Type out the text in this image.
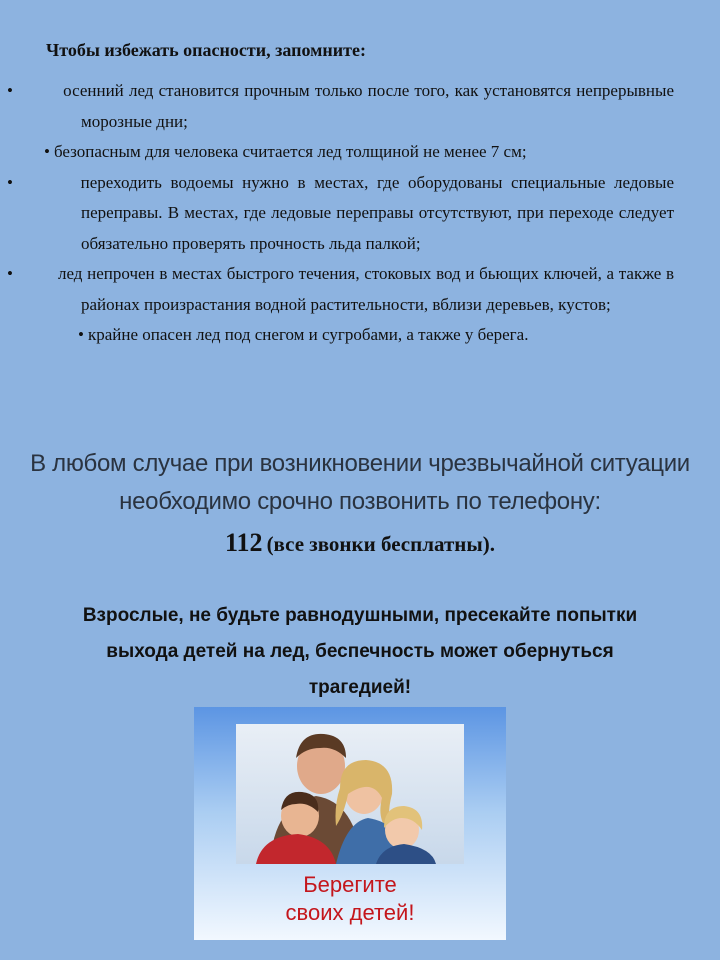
Чтобы избежать опасности, запомните:
•	осенний лед становится прочным только после того, как установятся непрерывные морозные дни;
• безопасным для человека считается лед толщиной не менее 7 см;
•	переходить водоемы нужно в местах, где оборудованы специальные ледовые переправы. В местах, где ледовые переправы отсутствуют, при переходе следует обязательно проверять прочность льда палкой;
•	лед непрочен в местах быстрого течения, стоковых вод и бьющих ключей, а также в районах произрастания водной растительности, вблизи деревьев, кустов;
• крайне опасен лед под снегом и сугробами, а также у берега.
В любом случае при возникновении чрезвычайной ситуации необходимо срочно позвонить по телефону:
112 (все звонки бесплатны).
Взрослые, не будьте равнодушными, пресекайте попытки выхода детей на лед, беспечность может обернуться трагедией!
Берегите
своих детей!
